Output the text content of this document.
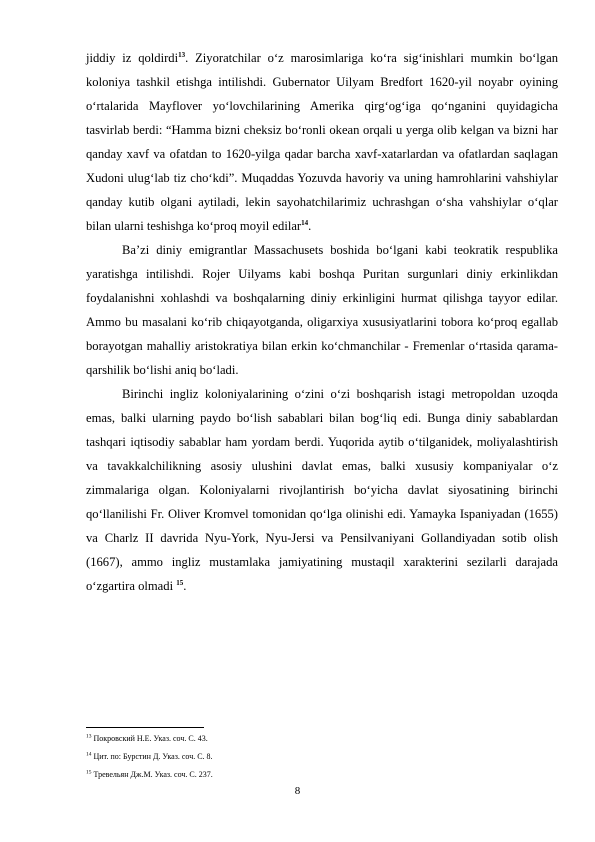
jiddiy iz qoldirdi$^{13}$. Ziyoratchilar o‘z marosimlariga ko‘ra sig‘inishlari mumkin bo‘lgan koloniya tashkil etishga intilishdi. Gubernator Uilyam Bredfort 1620-yil noyabr oyining o‘rtalarida Mayflover yo‘lovchilarining Amerika qirg‘og‘iga qo‘nganini quyidagicha tasvirlab berdi: “Hamma bizni cheksiz bo‘ronli okean orqali u yerga olib kelgan va bizni har qanday xavf va ofatdan to 1620-yilga qadar barcha xavf-xatarlardan va ofatlardan saqlagan Xudoni ulug‘lab tiz cho‘kdi”. Muqaddas Yozuvda havoriy va uning hamrohlarini vahshiylar qanday kutib olgani aytiladi, lekin sayohatchilarimiz uchrashgan o‘sha vahshiylar o‘qlar bilan ularni teshishga ko‘proq moyil edilar$^{14}$.

Ba’zi diniy emigrantlar Massachusets boshida bo‘lgani kabi teokratik respublika yaratishga intilishdi. Rojer Uilyams kabi boshqa Puritan surgunlari diniy erkinlikdan foydalanishni xohlashdi va boshqalarning diniy erkinligini hurmat qilishga tayyor edilar. Ammo bu masalani ko‘rib chiqayotganda, oligarxiya xususiyatlarini tobora ko‘proq egallab borayotgan mahalliy aristokratiya bilan erkin ko‘chmanchilar - Fremenlar o‘rtasida qarama-qarshilik bo‘lishi aniq bo‘ladi.

Birinchi ingliz koloniyalarining o‘zini o‘zi boshqarish istagi metropoldan uzoqda emas, balki ularning paydo bo‘lish sabablari bilan bog‘liq edi. Bunga diniy sabablardan tashqari iqtisodiy sabablar ham yordam berdi. Yuqorida aytib o‘tilganidek, moliyalashtirish va tavakkalchilikning asosiy ulushini davlat emas, balki xususiy kompaniyalar o‘z zimmalariga olgan. Koloniyalarni rivojlantirish bo‘yicha davlat siyosatining birinchi qo‘llanilishi Fr. Oliver Kromvel tomonidan qo‘lga olinishi edi. Yamayka Ispaniyadan (1655) va Charlz II davrida Nyu-York, Nyu-Jersi va Pensilvaniyani Gollandiyadan sotib olish (1667), ammo ingliz mustamlaka jamiyatining mustaqil xarakterini sezilarli darajada o‘zgartira olmadi $^{15}$.

$^{13}$ Покровский Н.Е. Указ. соч. С. 43.
$^{14}$ Цит. по: Бурстин Д. Указ. соч. С. 8.
$^{15}$ Тревельян Дж.М. Указ. соч. С. 237.
8
